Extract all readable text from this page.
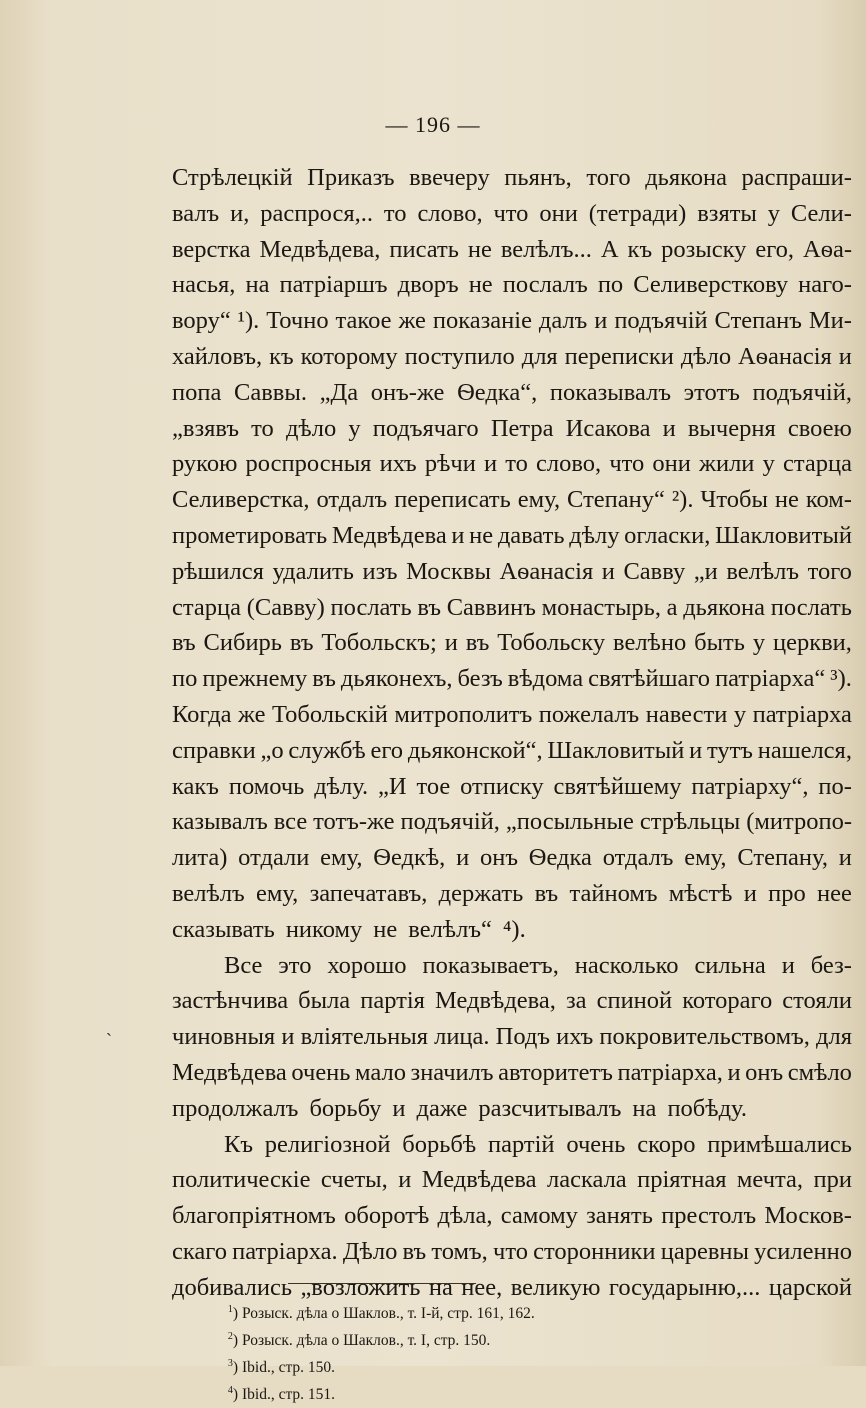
— 196 —
ˋ
Стрѣлецкій Приказъ ввечеру пьянъ, того дьякона распраши-
валъ и, распрося,.. то слово, что они (тетради) взяты у Сели-
верстка Медвѣдева, писать не велѣлъ... А къ розыску его, Аѳа-
насья, на патріаршъ дворъ не послалъ по Селиверсткову наго-
вору“ ¹). Точно такое же показаніе далъ и подъячій Степанъ Ми-
хайловъ, къ которому поступило для переписки дѣло Аѳанасія и
попа Саввы. „Да онъ-же Ѳедка“, показывалъ этотъ подъячій,
„взявъ то дѣло у подъячаго Петра Исакова и вычерня своею
рукою роспросныя ихъ рѣчи и то слово, что они жили у старца
Селиверстка, отдалъ переписать ему, Степану“ ²). Чтобы не ком-
прометировать Медвѣдева и не давать дѣлу огласки, Шакловитый
рѣшился удалить изъ Москвы Аѳанасія и Савву „и велѣлъ того
старца (Савву) послать въ Саввинъ монастырь, а дьякона послать
въ Сибирь въ Тобольскъ; и въ Тобольску велѣно быть у церкви,
по прежнему въ дьяконехъ, безъ вѣдома святѣйшаго патріарха“ ³).
Когда же Тобольскій митрополитъ пожелалъ навести у патріарха
справки „о службѣ его дьяконской“, Шакловитый и тутъ нашелся,
какъ помочь дѣлу. „И тое отписку святѣйшему патріарху“, по-
казывалъ все тотъ-же подъячій, „посыльные стрѣльцы (митропо-
лита) отдали ему, Ѳедкѣ, и онъ Ѳедка отдалъ ему, Степану, и
велѣлъ ему, запечатавъ, держать въ тайномъ мѣстѣ и про нее
сказывать никому не велѣлъ“ ⁴).
Все это хорошо показываетъ, насколько сильна и без-
застѣнчива была партія Медвѣдева, за спиной котораго стояли
чиновныя и вліятельныя лица. Подъ ихъ покровительствомъ, для
Медвѣдева очень мало значилъ авторитетъ патріарха, и онъ смѣло
продолжалъ борьбу и даже разсчитывалъ на побѣду.
Къ религіозной борьбѣ партій очень скоро примѣшались
политическіе счеты, и Медвѣдева ласкала пріятная мечта, при
благопріятномъ оборотѣ дѣла, самому занять престолъ Москов-
скаго патріарха. Дѣло въ томъ, что сторонники царевны усиленно
добивались „возложить на нее, великую государыню,... царской
$^1$) Розыск. дѣла о Шаклов., т. I-й, стр. 161, 162.
$^2$) Розыск. дѣла о Шаклов., т. I, стр. 150.
$^3$) Ibid., стр. 150.
$^4$) Ibid., стр. 151.
